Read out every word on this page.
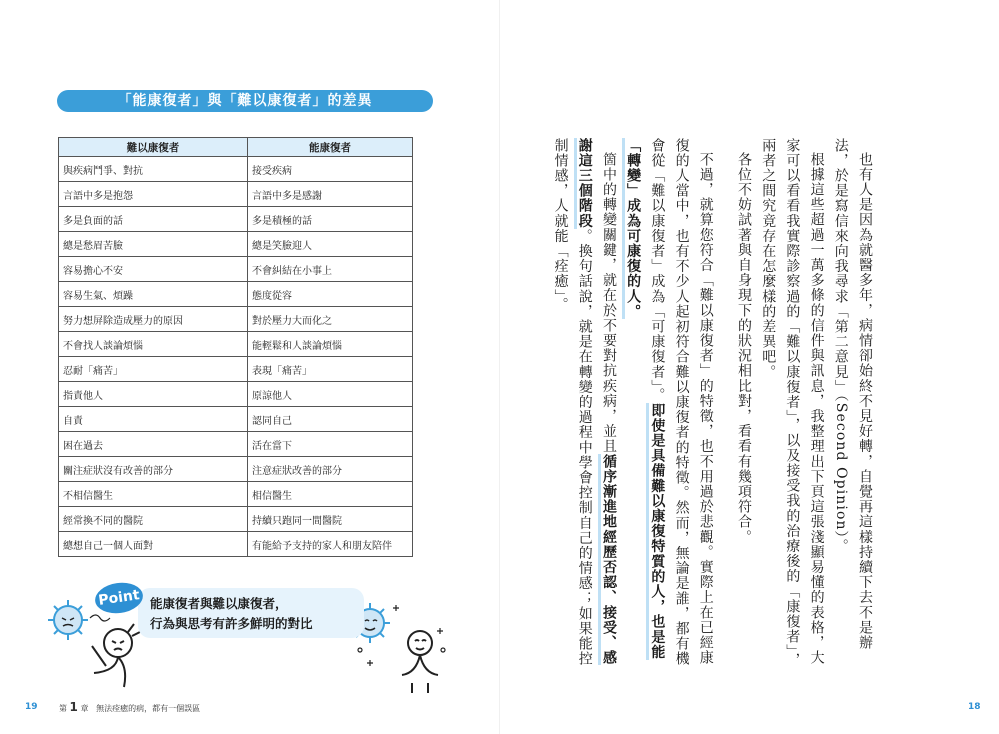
「能康復者」與「難以康復者」的差異
難以康復者	能康復者
與疾病鬥爭、對抗	接受疾病
言語中多是抱怨	言語中多是感謝
多是負面的話	多是積極的話
總是愁眉苦臉	總是笑臉迎人
容易擔心不安	不會糾結在小事上
容易生氣、煩躁	態度從容
努力想屏除造成壓力的原因	對於壓力大而化之
不會找人談論煩惱	能輕鬆和人談論煩惱
忍耐「痛苦」	表現「痛苦」
指責他人	原諒他人
自責	認同自己
困在過去	活在當下
關注症狀沒有改善的部分	注意症狀改善的部分
不相信醫生	相信醫生
經常換不同的醫院	持續只跑同一間醫院
總想自己一個人面對	有能給予支持的家人和朋友陪伴
Point 能康復者與難以康復者，
行為與思考有許多鮮明的對比
19	第 1 章 無法痊癒的病，都有一個誤區

也有人是因為就醫多年，病情卻始終不見好轉，自覺再這樣持續下去不是辦法，於是寫信來向我尋求「第二意見」（Second Opinion）。

根據這些超過一萬多條的信件與訊息，我整理出下頁這張淺顯易懂的表格，大家可以看看我實際診察過的「難以康復者」，以及接受我的治療後的「康復者」，兩者之間究竟存在怎麼樣的差異吧。

各位不妨試著與自身現下的狀況相比對，看看有幾項符合。

不過，就算您符合「難以康復者」的特徵，也不用過於悲觀。實際上在已經康復的人當中，也有不少人起初符合難以康復者的特徵。然而，無論是誰，都有機會從「難以康復者」成為「可康復者」。即使是具備難以康復特質的人，也是能「轉變」成為可康復的人。

箇中的轉變關鍵，就在於不要對抗疾病，並且循序漸進地經歷否認、接受、感謝這三個階段。換句話說，就是在轉變的過程中學會控制自己的情感；如果能控制情感，人就能「痊癒」。

18
